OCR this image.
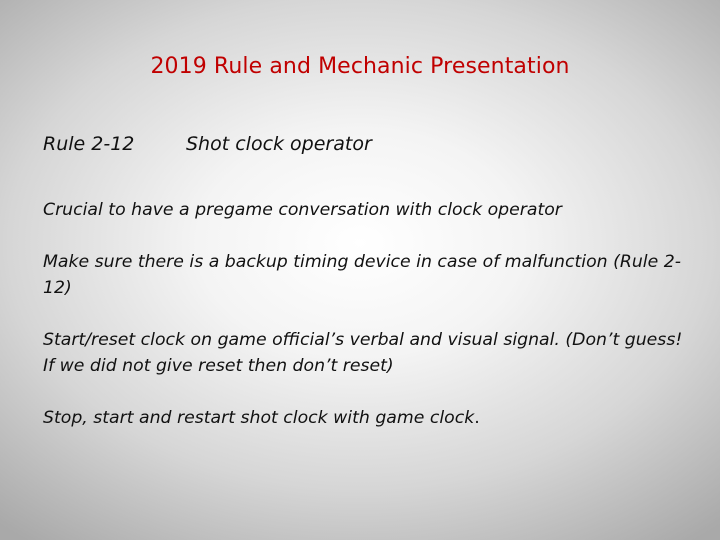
2019 Rule and Mechanic Presentation
Rule 2-12	Shot clock operator

Crucial to have a pregame conversation with clock operator

Make sure there is a backup timing device in case of malfunction (Rule 2-12)

Start/reset clock on game official’s verbal and visual signal. (Don’t guess! If we did not give reset then don’t reset)

Stop, start and restart shot clock with game clock.
